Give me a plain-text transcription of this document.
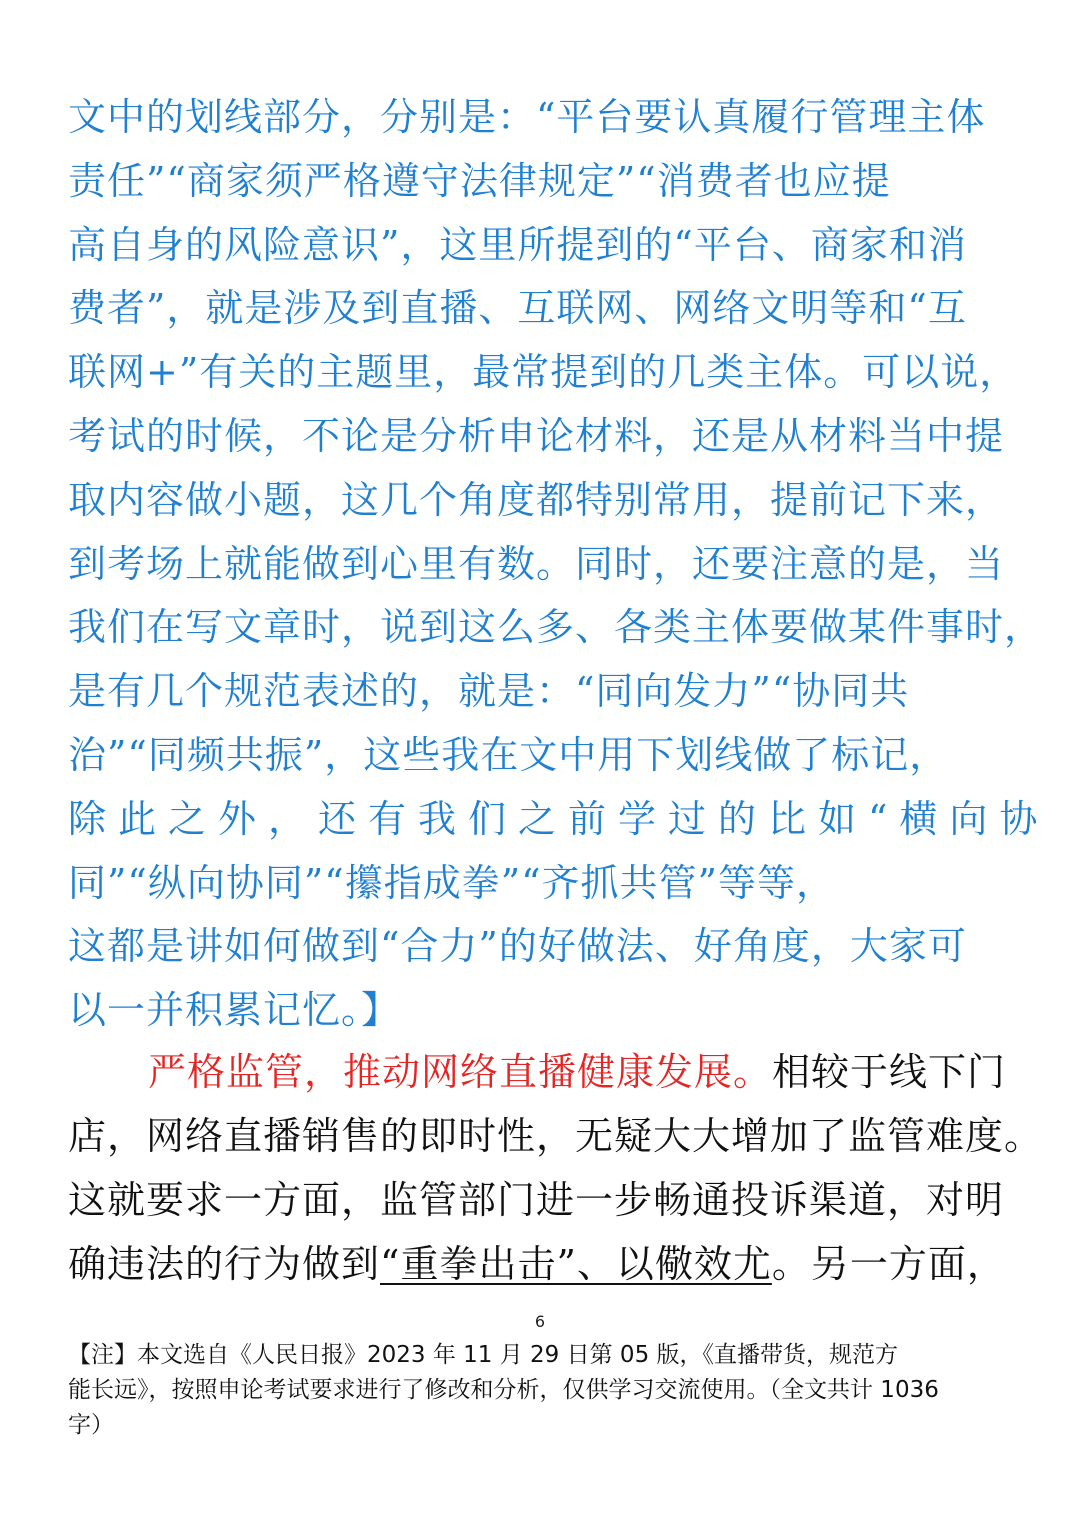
文中的划线部分，分别是：“平台要认真履行管理主体
责任”“商家须严格遵守法律规定”“消费者也应提
高自身的风险意识”，这里所提到的“平台、商家和消
费者”，就是涉及到直播、互联网、网络文明等和“互
联网+”有关的主题里，最常提到的几类主体。可以说，
考试的时候，不论是分析申论材料，还是从材料当中提
取内容做小题，这几个角度都特别常用，提前记下来，
到考场上就能做到心里有数。同时，还要注意的是，当
我们在写文章时，说到这么多、各类主体要做某件事时，
是有几个规范表述的，就是：“同向发力”“协同共
治”“同频共振”，这些我在文中用下划线做了标记，
除此之外，还有我们之前学过的比如“横向协
同”“纵向协同”“攥指成拳”“齐抓共管”等等，
这都是讲如何做到“合力”的好做法、好角度，大家可
以一并积累记忆。】
严格监管，推动网络直播健康发展。相较于线下门
店，网络直播销售的即时性，无疑大大增加了监管难度。
这就要求一方面，监管部门进一步畅通投诉渠道，对明
确违法的行为做到“重拳出击”、以儆效尤。另一方面，
6
【注】本文选自《人民日报》2023 年 11 月 29 日第 05 版，《直播带货，规范方
能长远》，按照申论考试要求进行了修改和分析，仅供学习交流使用。（全文共计 1036
字）
